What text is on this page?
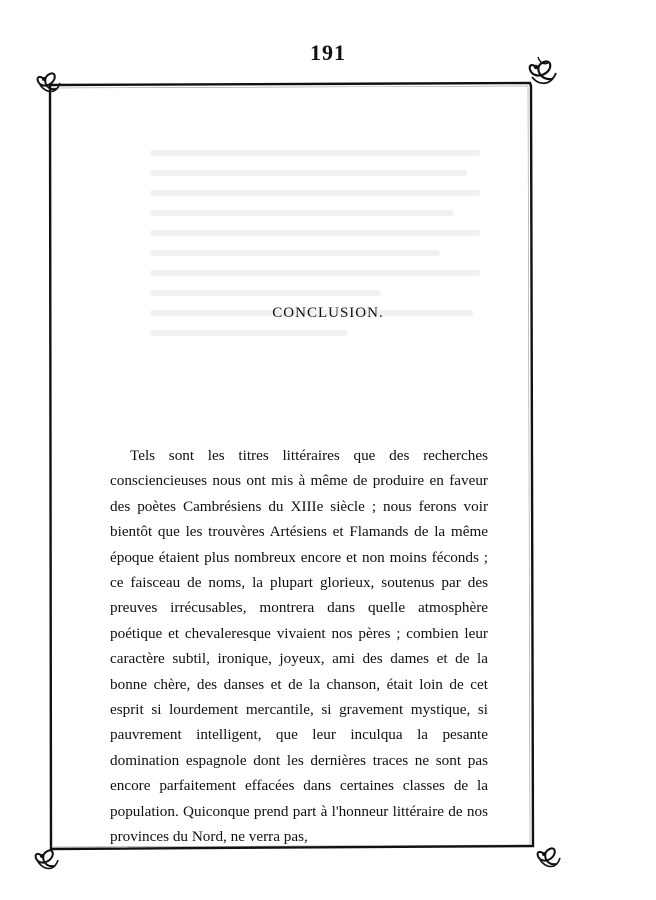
191
CONCLUSION.

Tels sont les titres littéraires que des recherches consciencieuses nous ont mis à même de produire en faveur des poètes Cambrésiens du XIIIe siècle ; nous ferons voir bientôt que les trouvères Artésiens et Flamands de la même époque étaient plus nombreux encore et non moins féconds ; ce faisceau de noms, la plupart glorieux, soutenus par des preuves irrécusables, montrera dans quelle atmosphère poétique et chevaleresque vivaient nos pères ; combien leur caractère subtil, ironique, joyeux, ami des dames et de la bonne chère, des danses et de la chanson, était loin de cet esprit si lourdement mercantile, si gravement mystique, si pauvrement intelligent, que leur inculqua la pesante domination espagnole dont les dernières traces ne sont pas encore parfaitement effacées dans certaines classes de la population. Quiconque prend part à l'honneur littéraire de nos provinces du Nord, ne verra pas,
